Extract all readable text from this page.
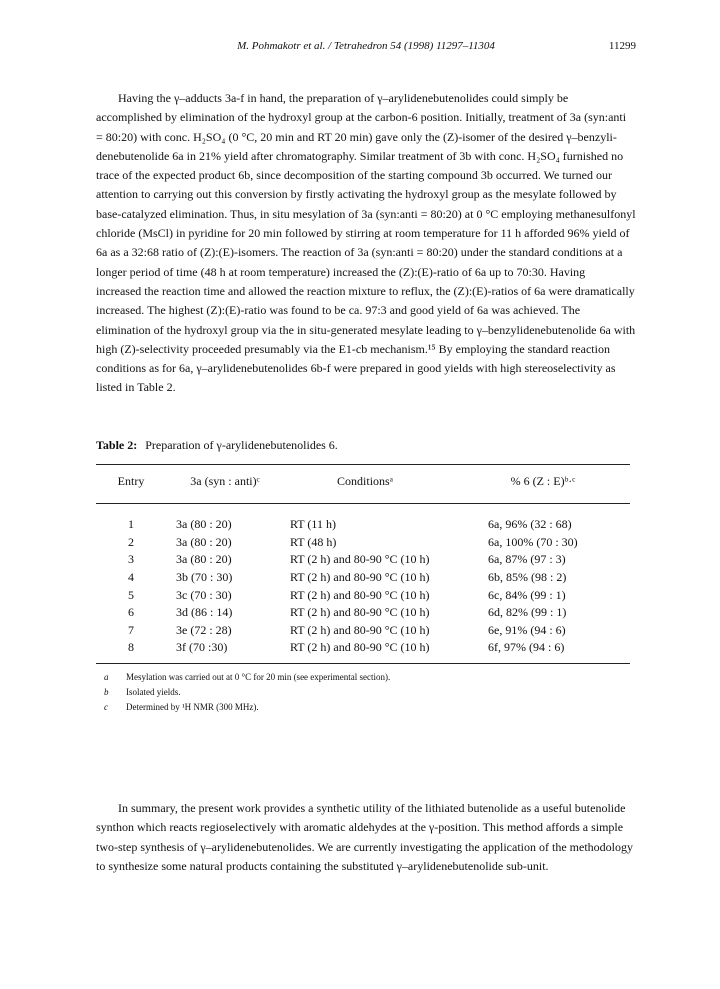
M. Pohmakotr et al. / Tetrahedron 54 (1998) 11297–11304	11299
Having the γ–adducts 3a-f in hand, the preparation of γ–arylidenebutenolides could simply be
accomplished by elimination of the hydroxyl group at the carbon-6 position. Initially, treatment of 3a (syn:anti
= 80:20) with conc. H₂SO₄ (0 °C, 20 min and RT 20 min) gave only the (Z)-isomer of the desired γ–benzyli-
denebutenolide 6a in 21% yield after chromatography. Similar treatment of 3b with conc. H₂SO₄ furnished no
trace of the expected product 6b, since decomposition of the starting compound 3b occurred. We turned our
attention to carrying out this conversion by firstly activating the hydroxyl group as the mesylate followed by
base-catalyzed elimination. Thus, in situ mesylation of 3a (syn:anti = 80:20) at 0 °C employing methanesulfonyl
chloride (MsCl) in pyridine for 20 min followed by stirring at room temperature for 11 h afforded 96% yield of
6a as a 32:68 ratio of (Z):(E)-isomers. The reaction of 3a (syn:anti = 80:20) under the standard conditions at a
longer period of time (48 h at room temperature) increased the (Z):(E)-ratio of 6a up to 70:30. Having
increased the reaction time and allowed the reaction mixture to reflux, the (Z):(E)-ratios of 6a were dramatically
increased. The highest (Z):(E)-ratio was found to be ca. 97:3 and good yield of 6a was achieved. The
elimination of the hydroxyl group via the in situ-generated mesylate leading to γ–benzylidenebutenolide 6a with
high (Z)-selectivity proceeded presumably via the E1-cb mechanism.¹⁵ By employing the standard reaction
conditions as for 6a, γ–arylidenebutenolides 6b-f were prepared in good yields with high stereoselectivity as
listed in Table 2.
Table 2: Preparation of γ-arylidenebutenolides 6.
Entry	3a (syn : anti)ᶜ	Conditionsᵃ	% 6 (Z : E)ᵇ·ᶜ
1	3a (80 : 20)	RT (11 h)	6a, 96% (32 : 68)
2	3a (80 : 20)	RT (48 h)	6a, 100% (70 : 30)
3	3a (80 : 20)	RT (2 h) and 80-90 °C (10 h)	6a, 87% (97 : 3)
4	3b (70 : 30)	RT (2 h) and 80-90 °C (10 h)	6b, 85% (98 : 2)
5	3c (70 : 30)	RT (2 h) and 80-90 °C (10 h)	6c, 84% (99 : 1)
6	3d (86 : 14)	RT (2 h) and 80-90 °C (10 h)	6d, 82% (99 : 1)
7	3e (72 : 28)	RT (2 h) and 80-90 °C (10 h)	6e, 91% (94 : 6)
8	3f (70 :30)	RT (2 h) and 80-90 °C (10 h)	6f, 97% (94 : 6)
a Mesylation was carried out at 0 °C for 20 min (see experimental section).
b Isolated yields.
c Determined by ¹H NMR (300 MHz).
In summary, the present work provides a synthetic utility of the lithiated butenolide as a useful butenolide
synthon which reacts regioselectively with aromatic aldehydes at the γ-position. This method affords a simple
two-step synthesis of γ–arylidenebutenolides. We are currently investigating the application of the methodology
to synthesize some natural products containing the substituted γ–arylidenebutenolide sub-unit.
